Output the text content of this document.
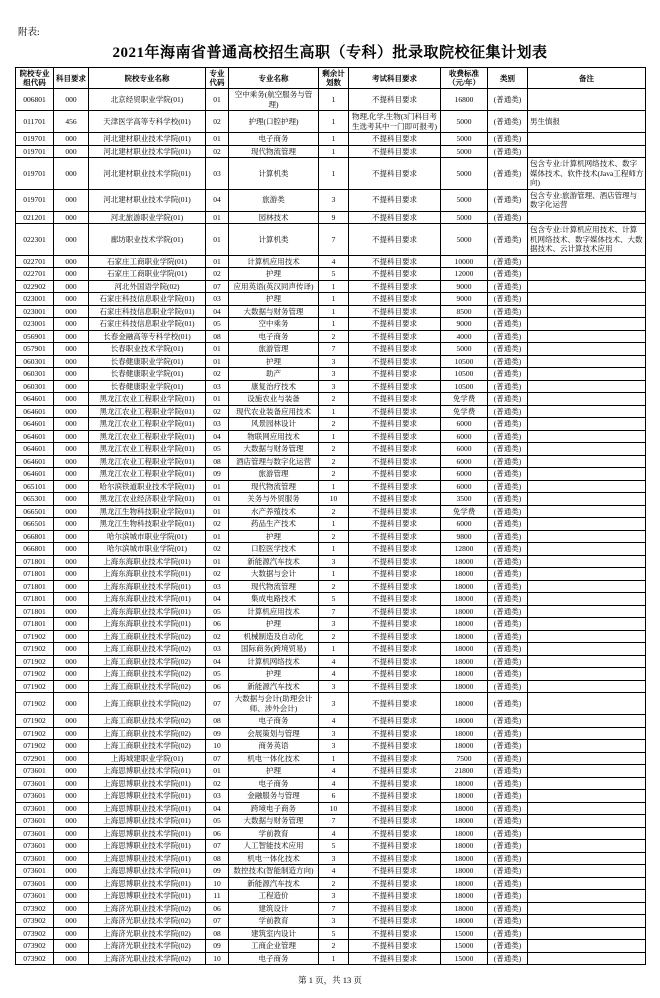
附表:
2021年海南省普通高校招生高职（专科）批录取院校征集计划表
院校专业组代码	科目要求	院校专业名称	专业代码	专业名称	剩余计划数	考试科目要求	收费标准（元/年）	类别	备注
006801	000	北京经贸职业学院(01)	01	空中乘务(航空服务与管理)	1	不提科目要求	16800	(普通类)	
011701	456	天津医学高等专科学校(01)	02	护理(口腔护理)	1	物理,化学,生物(3门科目考生选考其中一门即可报考)	5000	(普通类)	男生慎报
019701	000	河北建材职业技术学院(01)	01	电子商务	1	不提科目要求	5000	(普通类)	
019701	000	河北建材职业技术学院(01)	02	现代物流管理	1	不提科目要求	5000	(普通类)	
019701	000	河北建材职业技术学院(01)	03	计算机类	1	不提科目要求	5000	(普通类)	包含专业:计算机网络技术、数字媒体技术、软件技术(Java工程师方向)
019701	000	河北建材职业技术学院(01)	04	旅游类	3	不提科目要求	5000	(普通类)	包含专业:旅游管理、酒店管理与数字化运营
021201	000	河北旅游职业学院(01)	01	园林技术	9	不提科目要求	5000	(普通类)	
022301	000	廊坊职业技术学院(01)	01	计算机类	7	不提科目要求	5000	(普通类)	包含专业:计算机应用技术、计算机网络技术、数字媒体技术、大数据技术、云计算技术应用
022701	000	石家庄工商职业学院(01)	01	计算机应用技术	4	不提科目要求	10000	(普通类)	
022701	000	石家庄工商职业学院(01)	02	护理	5	不提科目要求	12000	(普通类)	
022902	000	河北外国语学院(02)	07	应用英语(英汉同声传译)	1	不提科目要求	9000	(普通类)	
023001	000	石家庄科技信息职业学院(01)	03	护理	1	不提科目要求	9000	(普通类)	
023001	000	石家庄科技信息职业学院(01)	04	大数据与财务管理	1	不提科目要求	8500	(普通类)	
023001	000	石家庄科技信息职业学院(01)	05	空中乘务	1	不提科目要求	9000	(普通类)	
056901	000	长春金融高等专科学校(01)	08	电子商务	2	不提科目要求	4000	(普通类)	
057901	000	长春职业技术学院(01)	01	旅游管理	7	不提科目要求	5000	(普通类)	
060301	000	长春健康职业学院(01)	01	护理	3	不提科目要求	10500	(普通类)	
060301	000	长春健康职业学院(01)	02	助产	3	不提科目要求	10500	(普通类)	
060301	000	长春健康职业学院(01)	03	康复治疗技术	3	不提科目要求	10500	(普通类)	
064601	000	黑龙江农业工程职业学院(01)	01	设施农业与装备	2	不提科目要求	免学费	(普通类)	
064601	000	黑龙江农业工程职业学院(01)	02	现代农业装备应用技术	1	不提科目要求	免学费	(普通类)	
064601	000	黑龙江农业工程职业学院(01)	03	风景园林设计	2	不提科目要求	6000	(普通类)	
064601	000	黑龙江农业工程职业学院(01)	04	物联网应用技术	1	不提科目要求	6000	(普通类)	
064601	000	黑龙江农业工程职业学院(01)	05	大数据与财务管理	2	不提科目要求	6000	(普通类)	
064601	000	黑龙江农业工程职业学院(01)	08	酒店管理与数字化运营	2	不提科目要求	6000	(普通类)	
064601	000	黑龙江农业工程职业学院(01)	09	旅游管理	2	不提科目要求	6000	(普通类)	
065101	000	哈尔滨铁道职业技术学院(01)	01	现代物流管理	1	不提科目要求	6000	(普通类)	
065301	000	黑龙江农业经济职业学院(01)	01	关务与外贸服务	10	不提科目要求	3500	(普通类)	
066501	000	黑龙江生物科技职业学院(01)	01	水产养殖技术	2	不提科目要求	免学费	(普通类)	
066501	000	黑龙江生物科技职业学院(01)	02	药品生产技术	1	不提科目要求	6000	(普通类)	
066801	000	哈尔滨城市职业学院(01)	01	护理	2	不提科目要求	9800	(普通类)	
066801	000	哈尔滨城市职业学院(01)	02	口腔医学技术	1	不提科目要求	12800	(普通类)	
071801	000	上海东海职业技术学院(01)	01	新能源汽车技术	3	不提科目要求	18000	(普通类)	
071801	000	上海东海职业技术学院(01)	02	大数据与会计	1	不提科目要求	18000	(普通类)	
071801	000	上海东海职业技术学院(01)	03	现代物流管理	2	不提科目要求	18000	(普通类)	
071801	000	上海东海职业技术学院(01)	04	集成电路技术	5	不提科目要求	18000	(普通类)	
071801	000	上海东海职业技术学院(01)	05	计算机应用技术	7	不提科目要求	18000	(普通类)	
071801	000	上海东海职业技术学院(01)	06	护理	3	不提科目要求	18000	(普通类)	
071902	000	上海工商职业技术学院(02)	02	机械制造及自动化	2	不提科目要求	18000	(普通类)	
071902	000	上海工商职业技术学院(02)	03	国际商务(跨境贸易)	1	不提科目要求	18000	(普通类)	
071902	000	上海工商职业技术学院(02)	04	计算机网络技术	4	不提科目要求	18000	(普通类)	
071902	000	上海工商职业技术学院(02)	05	护理	4	不提科目要求	18000	(普通类)	
071902	000	上海工商职业技术学院(02)	06	新能源汽车技术	3	不提科目要求	18000	(普通类)	
071902	000	上海工商职业技术学院(02)	07	大数据与会计(助理会计师、涉外会计)	3	不提科目要求	18000	(普通类)	
071902	000	上海工商职业技术学院(02)	08	电子商务	4	不提科目要求	18000	(普通类)	
071902	000	上海工商职业技术学院(02)	09	会展策划与管理	3	不提科目要求	18000	(普通类)	
071902	000	上海工商职业技术学院(02)	10	商务英语	3	不提科目要求	18000	(普通类)	
072901	000	上海城建职业学院(01)	07	机电一体化技术	1	不提科目要求	7500	(普通类)	
073601	000	上海思博职业技术学院(01)	01	护理	4	不提科目要求	21800	(普通类)	
073601	000	上海思博职业技术学院(01)	02	电子商务	4	不提科目要求	18000	(普通类)	
073601	000	上海思博职业技术学院(01)	03	金融服务与管理	6	不提科目要求	18000	(普通类)	
073601	000	上海思博职业技术学院(01)	04	跨境电子商务	10	不提科目要求	18000	(普通类)	
073601	000	上海思博职业技术学院(01)	05	大数据与财务管理	7	不提科目要求	18000	(普通类)	
073601	000	上海思博职业技术学院(01)	06	学前教育	4	不提科目要求	18000	(普通类)	
073601	000	上海思博职业技术学院(01)	07	人工智能技术应用	5	不提科目要求	18000	(普通类)	
073601	000	上海思博职业技术学院(01)	08	机电一体化技术	3	不提科目要求	18000	(普通类)	
073601	000	上海思博职业技术学院(01)	09	数控技术(智能制造方向)	4	不提科目要求	18000	(普通类)	
073601	000	上海思博职业技术学院(01)	10	新能源汽车技术	2	不提科目要求	18000	(普通类)	
073601	000	上海思博职业技术学院(01)	11	工程造价	3	不提科目要求	18000	(普通类)	
073902	000	上海济光职业技术学院(02)	06	建筑设计	7	不提科目要求	18000	(普通类)	
073902	000	上海济光职业技术学院(02)	07	学前教育	3	不提科目要求	18000	(普通类)	
073902	000	上海济光职业技术学院(02)	08	建筑室内设计	5	不提科目要求	15000	(普通类)	
073902	000	上海济光职业技术学院(02)	09	工商企业管理	2	不提科目要求	15000	(普通类)	
073902	000	上海济光职业技术学院(02)	10	电子商务	1	不提科目要求	15000	(普通类)	
第 1 页，共 13 页
